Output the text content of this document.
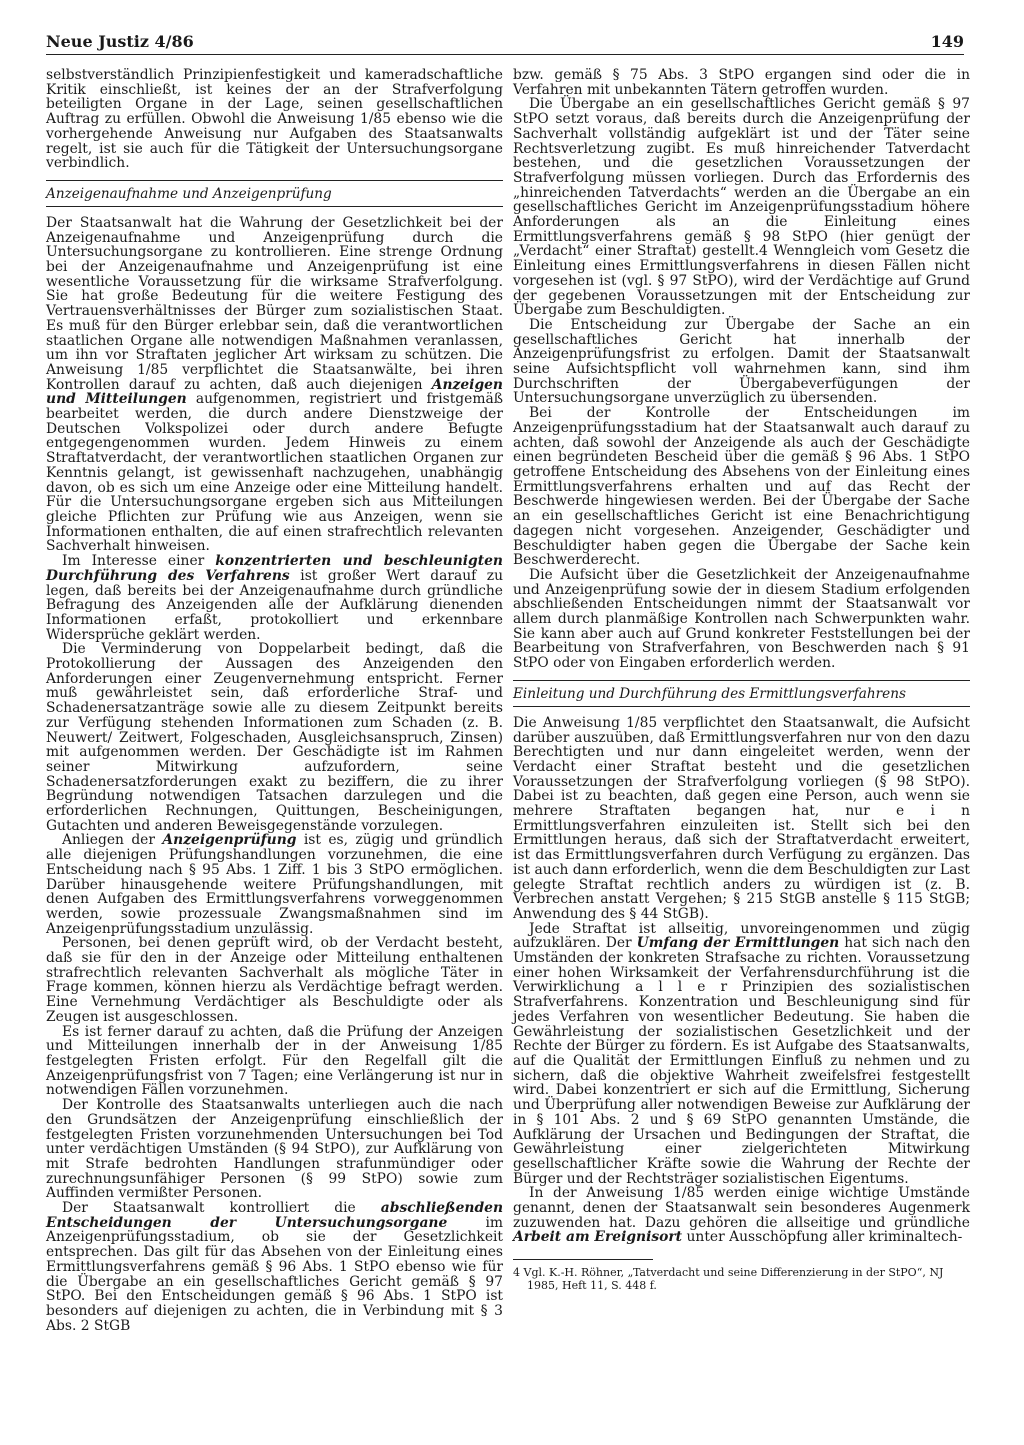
Neue Justiz 4/86	149

selbstverständlich Prinzipienfestigkeit und kameradschaftliche Kritik einschließt, ist keines der an der Strafverfolgung beteiligten Organe in der Lage, seinen gesellschaftlichen Auftrag zu erfüllen. Obwohl die Anweisung 1/85 ebenso wie die vorhergehende Anweisung nur Aufgaben des Staatsanwalts regelt, ist sie auch für die Tätigkeit der Untersuchungsorgane verbindlich.

Anzeigenaufnahme und Anzeigenprüfung

Der Staatsanwalt hat die Wahrung der Gesetzlichkeit bei der Anzeigenaufnahme und Anzeigenprüfung durch die Untersuchungsorgane zu kontrollieren. Eine strenge Ordnung bei der Anzeigenaufnahme und Anzeigenprüfung ist eine wesentliche Voraussetzung für die wirksame Strafverfolgung. Sie hat große Bedeutung für die weitere Festigung des Vertrauensverhältnisses der Bürger zum sozialistischen Staat. Es muß für den Bürger erlebbar sein, daß die verantwortlichen staatlichen Organe alle notwendigen Maßnahmen veranlassen, um ihn vor Straftaten jeglicher Art wirksam zu schützen. Die Anweisung 1/85 verpflichtet die Staatsanwälte, bei ihren Kontrollen darauf zu achten, daß auch diejenigen Anzeigen und Mitteilungen aufgenommen, registriert und fristgemäß bearbeitet werden, die durch andere Dienstzweige der Deutschen Volkspolizei oder durch andere Befugte entgegengenommen wurden. Jedem Hinweis zu einem Straftatverdacht, der verantwortlichen staatlichen Organen zur Kenntnis gelangt, ist gewissenhaft nachzugehen, unabhängig davon, ob es sich um eine Anzeige oder eine Mitteilung handelt. Für die Untersuchungsorgane ergeben sich aus Mitteilungen gleiche Pflichten zur Prüfung wie aus Anzeigen, wenn sie Informationen enthalten, die auf einen strafrechtlich relevanten Sachverhalt hinweisen.

Im Interesse einer konzentrierten und beschleunigten Durchführung des Verfahrens ist großer Wert darauf zu legen, daß bereits bei der Anzeigenaufnahme durch gründliche Befragung des Anzeigenden alle der Aufklärung dienenden Informationen erfaßt, protokolliert und erkennbare Widersprüche geklärt werden.

Die Verminderung von Doppelarbeit bedingt, daß die Protokollierung der Aussagen des Anzeigenden den Anforderungen einer Zeugenvernehmung entspricht. Ferner muß gewährleistet sein, daß erforderliche Straf- und Schadenersatzanträge sowie alle zu diesem Zeitpunkt bereits zur Verfügung stehenden Informationen zum Schaden (z. B. Neuwert/ Zeitwert, Folgeschaden, Ausgleichsanspruch, Zinsen) mit aufgenommen werden. Der Geschädigte ist im Rahmen seiner Mitwirkung aufzufordern, seine Schadenersatzforderungen exakt zu beziffern, die zu ihrer Begründung notwendigen Tatsachen darzulegen und die erforderlichen Rechnungen, Quittungen, Bescheinigungen, Gutachten und anderen Beweisgegenstände vorzulegen.

Anliegen der Anzeigenprüfung ist es, zügig und gründlich alle diejenigen Prüfungshandlungen vorzunehmen, die eine Entscheidung nach § 95 Abs. 1 Ziff. 1 bis 3 StPO ermöglichen. Darüber hinausgehende weitere Prüfungshandlungen, mit denen Aufgaben des Ermittlungsverfahrens vorweggenommen werden, sowie prozessuale Zwangsmaßnahmen sind im Anzeigenprüfungsstadium unzulässig.

Personen, bei denen geprüft wird, ob der Verdacht besteht, daß sie für den in der Anzeige oder Mitteilung enthaltenen strafrechtlich relevanten Sachverhalt als mögliche Täter in Frage kommen, können hierzu als Verdächtige befragt werden. Eine Vernehmung Verdächtiger als Beschuldigte oder als Zeugen ist ausgeschlossen.

Es ist ferner darauf zu achten, daß die Prüfung der Anzeigen und Mitteilungen innerhalb der in der Anweisung 1/85 festgelegten Fristen erfolgt. Für den Regelfall gilt die Anzeigenprüfungsfrist von 7 Tagen; eine Verlängerung ist nur in notwendigen Fällen vorzunehmen.

Der Kontrolle des Staatsanwalts unterliegen auch die nach den Grundsätzen der Anzeigenprüfung einschließlich der festgelegten Fristen vorzunehmenden Untersuchungen bei Tod unter verdächtigen Umständen (§ 94 StPO), zur Aufklärung von mit Strafe bedrohten Handlungen strafunmündiger oder zurechnungsunfähiger Personen (§ 99 StPO) sowie zum Auffinden vermißter Personen.

Der Staatsanwalt kontrolliert die abschließenden Entscheidungen der Untersuchungsorgane	im Anzeigenprüfungsstadium, ob sie der Gesetzlichkeit entsprechen. Das gilt für das Absehen von der Einleitung eines Ermittlungsverfahrens gemäß § 96 Abs. 1 StPO ebenso wie für die Übergabe an ein gesellschaftliches Gericht gemäß § 97 StPO. Bei den Entscheidungen gemäß § 96 Abs. 1 StPO ist besonders auf diejenigen zu achten, die in Verbindung mit § 3 Abs. 2 StGB

bzw. gemäß § 75 Abs. 3 StPO ergangen sind oder die in Verfahren mit unbekannten Tätern getroffen wurden.

Die Übergabe an ein gesellschaftliches Gericht gemäß § 97 StPO setzt voraus, daß bereits durch die Anzeigenprüfung der Sachverhalt vollständig aufgeklärt ist und der Täter seine Rechtsverletzung zugibt. Es muß hinreichender Tatverdacht bestehen, und die gesetzlichen Voraussetzungen der Strafverfolgung müssen vorliegen. Durch das Erfordernis des „hinreichenden Tatverdachts“ werden an die Übergabe an ein gesellschaftliches Gericht im Anzeigenprüfungsstadium höhere Anforderungen als an die Einleitung eines Ermittlungsverfahrens gemäß § 98 StPO (hier genügt der „Verdacht“ einer Straftat) gestellt.4 Wenngleich vom Gesetz die Einleitung eines Ermittlungsverfahrens in diesen Fällen nicht vorgesehen ist (vgl. § 97 StPO), wird der Verdächtige auf Grund der gegebenen Voraussetzungen mit der Entscheidung zur Übergabe zum Beschuldigten.

Die Entscheidung zur Übergabe der Sache an ein gesellschaftliches Gericht hat innerhalb der Anzeigenprüfungsfrist zu erfolgen. Damit der Staatsanwalt seine Aufsichtspflicht voll wahrnehmen kann, sind ihm Durchschriften der Übergabeverfügungen der Untersuchungsorgane unverzüglich zu übersenden.

Bei der Kontrolle der Entscheidungen im Anzeigenprüfungsstadium hat der Staatsanwalt auch darauf zu achten, daß sowohl der Anzeigende als auch der Geschädigte einen begründeten Bescheid über die gemäß § 96 Abs. 1 StPO getroffene Entscheidung des Absehens von der Einleitung eines Ermittlungsverfahrens erhalten und auf das Recht der Beschwerde hingewiesen werden. Bei der Übergabe der Sache an ein gesellschaftliches Gericht ist eine Benachrichtigung dagegen nicht vorgesehen. Anzeigender, Geschädigter und Beschuldigter haben gegen die Übergabe der Sache kein Beschwerderecht.

Die Aufsicht über die Gesetzlichkeit der Anzeigenaufnahme und Anzeigenprüfung sowie der in diesem Stadium erfolgenden abschließenden Entscheidungen nimmt der Staatsanwalt vor allem durch planmäßige Kontrollen nach Schwerpunkten wahr. Sie kann aber auch auf Grund konkreter Feststellungen bei der Bearbeitung von Strafverfahren, von Beschwerden nach § 91 StPO oder von Eingaben erforderlich werden.

Einleitung und Durchführung des Ermittlungsverfahrens

Die Anweisung 1/85 verpflichtet den Staatsanwalt, die Aufsicht darüber auszuüben, daß Ermittlungsverfahren nur von den dazu Berechtigten und nur dann eingeleitet werden, wenn der Verdacht einer Straftat besteht und die gesetzlichen Voraussetzungen der Strafverfolgung vorliegen (§ 98 StPO). Dabei ist zu beachten, daß gegen eine Person, auch wenn sie mehrere Straftaten begangen hat, nur e i n Ermittlungsverfahren einzuleiten ist. Stellt sich bei den Ermittlungen heraus, daß sich der Straftatverdacht erweitert, ist das Ermittlungsverfahren durch Verfügung zu ergänzen. Das ist auch dann erforderlich, wenn die dem Beschuldigten zur Last gelegte Straftat rechtlich anders zu würdigen ist (z. B. Verbrechen anstatt Vergehen; § 215 StGB anstelle § 115 StGB; Anwendung des § 44 StGB).

Jede Straftat ist allseitig, unvoreingenommen und zügig aufzuklären. Der Umfang der Ermittlungen hat sich nach den Umständen der konkreten Strafsache zu richten. Voraussetzung einer hohen Wirksamkeit der Verfahrensdurchführung ist die Verwirklichung a l l e r Prinzipien des sozialistischen Strafverfahrens. Konzentration und Beschleunigung sind für jedes Verfahren von wesentlicher Bedeutung. Sie haben die Gewährleistung der sozialistischen Gesetzlichkeit und der Rechte der Bürger zu fördern. Es ist Aufgabe des Staatsanwalts, auf die Qualität der Ermittlungen Einfluß zu nehmen und zu sichern, daß die objektive Wahrheit zweifelsfrei festgestellt wird. Dabei konzentriert er sich auf die Ermittlung, Sicherung und Überprüfung aller notwendigen Beweise zur Aufklärung der in § 101 Abs. 2 und § 69 StPO genannten Umstände, die Aufklärung der Ursachen und Bedingungen der Straftat, die Gewährleistung einer zielgerichteten Mitwirkung gesellschaftlicher Kräfte sowie die Wahrung der Rechte der Bürger und der Rechtsträger sozialistischen Eigentums.

In der Anweisung 1/85 werden einige wichtige Umstände genannt, denen der Staatsanwalt sein besonderes Augenmerk zuzuwenden hat. Dazu gehören die allseitige und gründliche Arbeit am Ereignisort unter Ausschöpfung aller kriminaltech-

4 Vgl. K.-H. Röhner, „Tatverdacht und seine Differenzierung in der StPO“, NJ 1985, Heft 11, S. 448 f.
